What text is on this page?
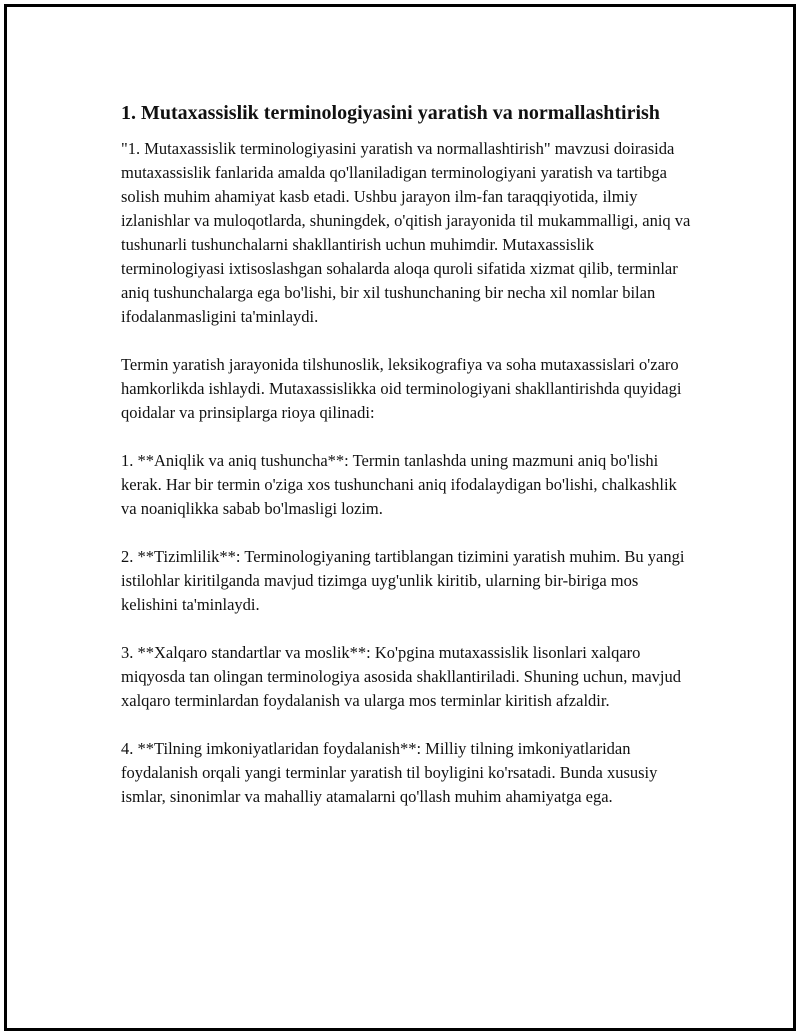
1. Mutaxassislik terminologiyasini yaratish va normallashtirish

"1. Mutaxassislik terminologiyasini yaratish va normallashtirish" mavzusi doirasida mutaxassislik fanlarida amalda qo'llaniladigan terminologiyani yaratish va tartibga solish muhim ahamiyat kasb etadi. Ushbu jarayon ilm-fan taraqqiyotida, ilmiy izlanishlar va muloqotlarda, shuningdek, o'qitish jarayonida til mukammalligi, aniq va tushunarli tushunchalarni shakllantirish uchun muhimdir. Mutaxassislik terminologiyasi ixtisoslashgan sohalarda aloqa quroli sifatida xizmat qilib, terminlar aniq tushunchalarga ega bo'lishi, bir xil tushunchaning bir necha xil nomlar bilan ifodalanmasligini ta'minlaydi.

Termin yaratish jarayonida tilshunoslik, leksikografiya va soha mutaxassislari o'zaro hamkorlikda ishlaydi. Mutaxassislikka oid terminologiyani shakllantirishda quyidagi qoidalar va prinsiplarga rioya qilinadi:

1. **Aniqlik va aniq tushuncha**: Termin tanlashda uning mazmuni aniq bo'lishi kerak. Har bir termin o'ziga xos tushunchani aniq ifodalaydigan bo'lishi, chalkashlik va noaniqlikka sabab bo'lmasligi lozim.

2. **Tizimlilik**: Terminologiyaning tartiblangan tizimini yaratish muhim. Bu yangi istilohlar kiritilganda mavjud tizimga uyg'unlik kiritib, ularning bir-biriga mos kelishini ta'minlaydi.

3. **Xalqaro standartlar va moslik**: Ko'pgina mutaxassislik lisonlari xalqaro miqyosda tan olingan terminologiya asosida shakllantiriladi. Shuning uchun, mavjud xalqaro terminlardan foydalanish va ularga mos terminlar kiritish afzaldir.

4. **Tilning imkoniyatlaridan foydalanish**: Milliy tilning imkoniyatlaridan foydalanish orqali yangi terminlar yaratish til boyligini ko'rsatadi. Bunda xususiy ismlar, sinonimlar va mahalliy atamalarni qo'llash muhim ahamiyatga ega.
